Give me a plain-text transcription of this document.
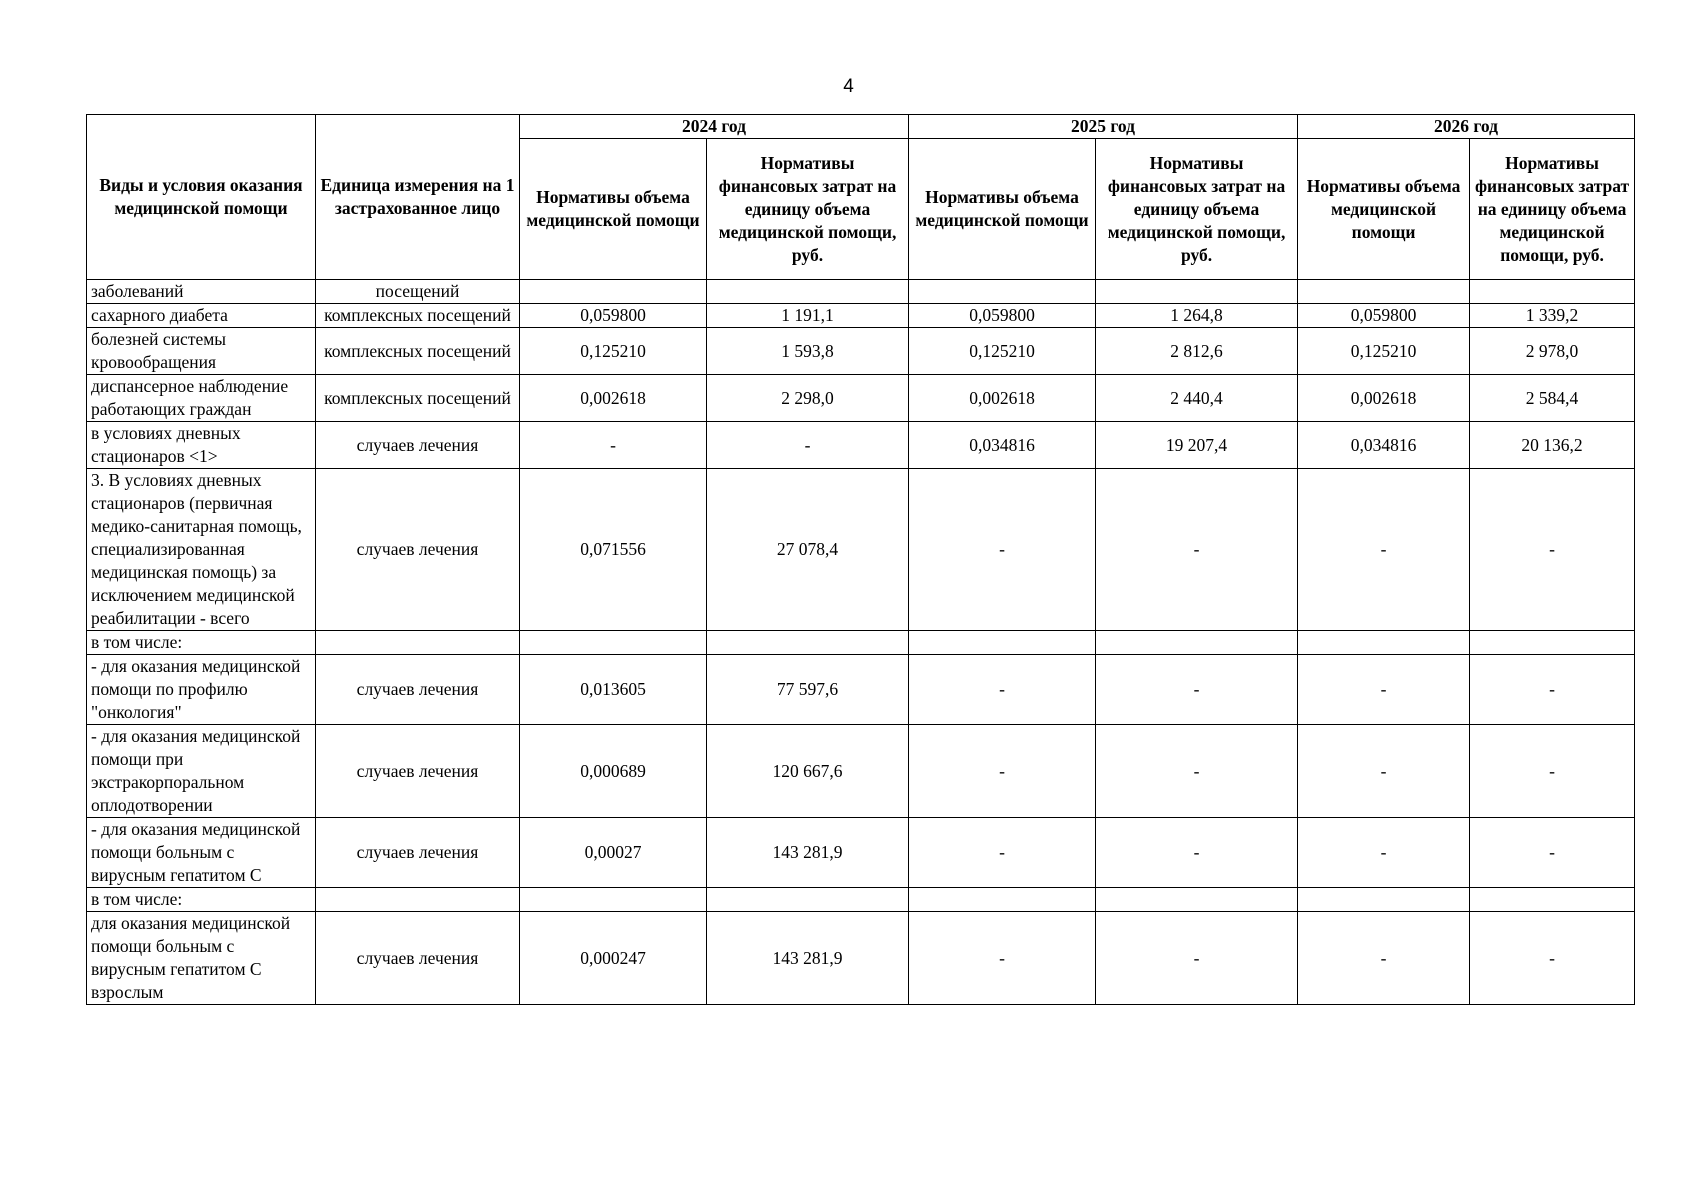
4
Виды и условия оказания медицинской помощи	Единица измерения на 1 застрахованное лицо	2024 год		2025 год		2026 год	
		Нормативы объема медицинской помощи	Нормативы финансовых затрат на единицу объема медицинской помощи, руб.	Нормативы объема медицинской помощи	Нормативы финансовых затрат на единицу объема медицинской помощи, руб.	Нормативы объема медицинской помощи	Нормативы финансовых затрат на единицу объема медицинской помощи, руб.
заболеваний	посещений						
сахарного диабета	комплексных посещений	0,059800	1 191,1	0,059800	1 264,8	0,059800	1 339,2
болезней системы кровообращения	комплексных посещений	0,125210	1 593,8	0,125210	2 812,6	0,125210	2 978,0
диспансерное наблюдение работающих граждан	комплексных посещений	0,002618	2 298,0	0,002618	2 440,4	0,002618	2 584,4
в условиях дневных стационаров <1>	случаев лечения	-	-	0,034816	19 207,4	0,034816	20 136,2
3. В условиях дневных стационаров (первичная медико-санитарная помощь, специализированная медицинская помощь) за исключением медицинской реабилитации - всего	случаев лечения	0,071556	27 078,4	-	-	-	-
в том числе:							
- для оказания медицинской помощи по профилю "онкология"	случаев лечения	0,013605	77 597,6	-	-	-	-
- для оказания медицинской помощи при экстракорпоральном оплодотворении	случаев лечения	0,000689	120 667,6	-	-	-	-
- для оказания медицинской помощи больным с вирусным гепатитом С	случаев лечения	0,00027	143 281,9	-	-	-	-
в том числе:							
для оказания медицинской помощи больным с вирусным гепатитом С взрослым	случаев лечения	0,000247	143 281,9	-	-	-	-
